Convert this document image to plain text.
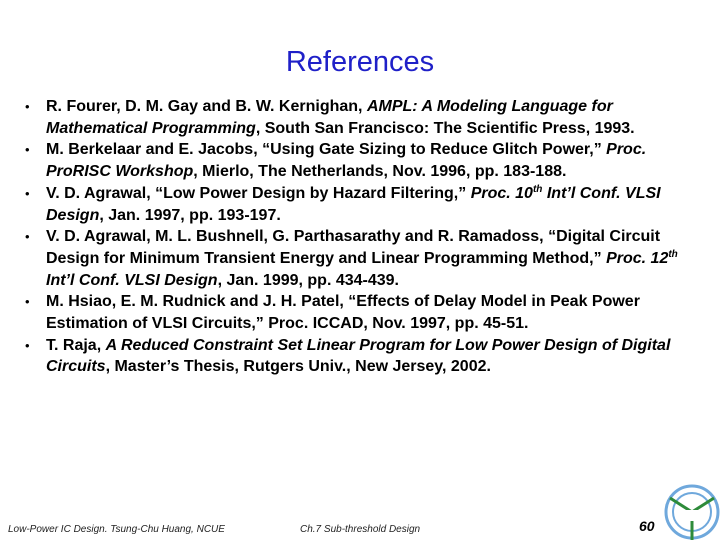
References
• R. Fourer, D. M. Gay and B. W. Kernighan, AMPL: A Modeling Language for Mathematical Programming, South San Francisco: The Scientific Press, 1993.
• M. Berkelaar and E. Jacobs, “Using Gate Sizing to Reduce Glitch Power,” Proc. ProRISC Workshop, Mierlo, The Netherlands, Nov. 1996, pp. 183-188.
• V. D. Agrawal, “Low Power Design by Hazard Filtering,” Proc. 10th Int’l Conf. VLSI Design, Jan. 1997, pp. 193-197.
• V. D. Agrawal, M. L. Bushnell, G. Parthasarathy and R. Ramadoss, “Digital Circuit Design for Minimum Transient Energy and Linear Programming Method,” Proc. 12th Int’l Conf. VLSI Design, Jan. 1999, pp. 434-439.
• M. Hsiao, E. M. Rudnick and J. H. Patel, “Effects of Delay Model in Peak Power Estimation of VLSI Circuits,” Proc. ICCAD, Nov. 1997, pp. 45-51.
• T. Raja, A Reduced Constraint Set Linear Program for Low Power Design of Digital Circuits, Master’s Thesis, Rutgers Univ., New Jersey, 2002.
Low-Power IC Design. Tsung-Chu Huang, NCUE	Ch.7 Sub-threshold Design	60
